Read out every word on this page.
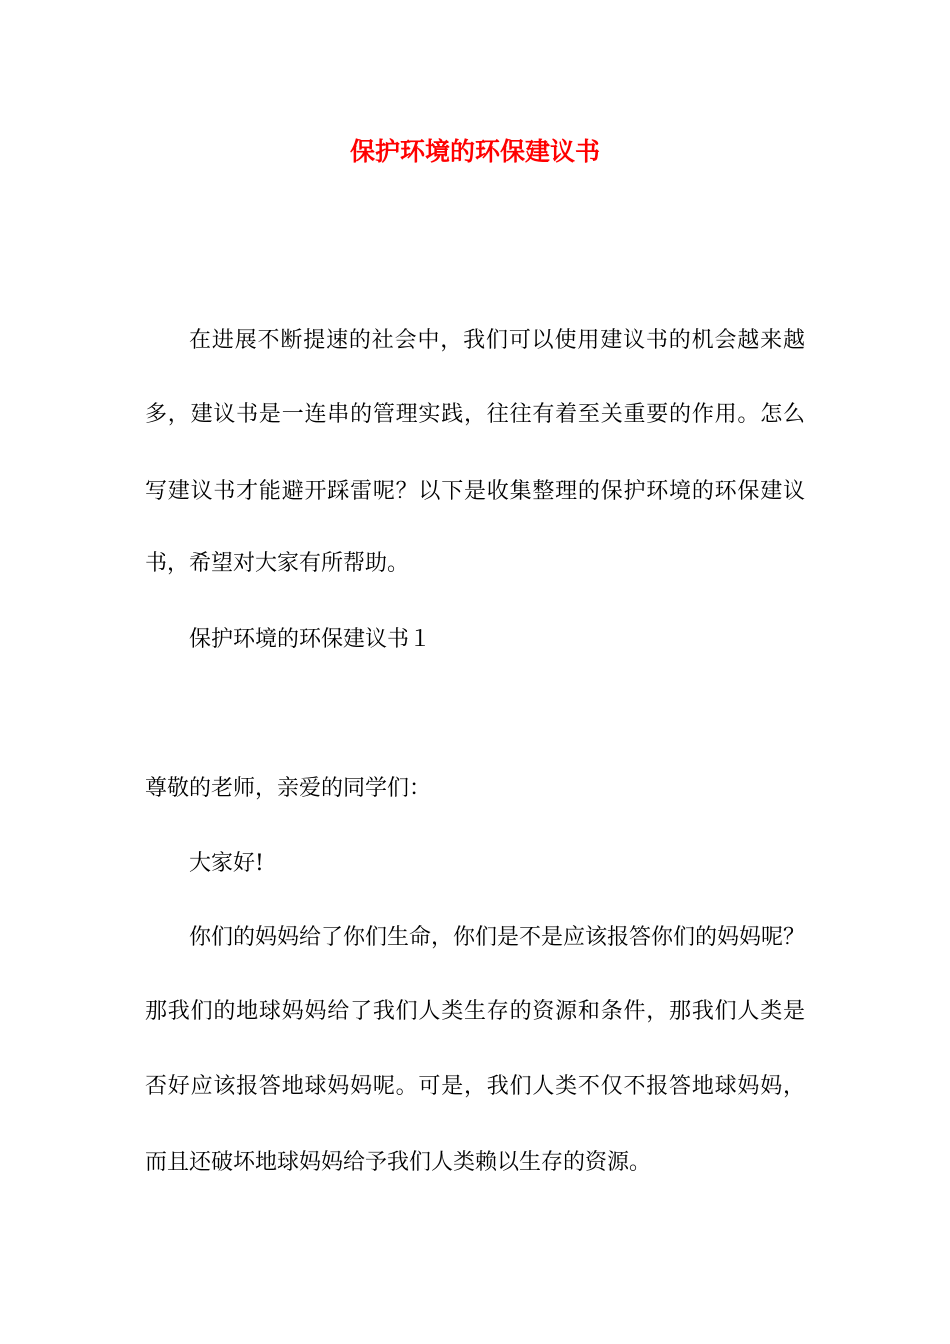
保护环境的环保建议书

在进展不断提速的社会中，我们可以使用建议书的机会越来越

多，建议书是一连串的管理实践，往往有着至关重要的作用。怎么

写建议书才能避开踩雷呢？以下是收集整理的保护环境的环保建议

书，希望对大家有所帮助。

保护环境的环保建议书１

尊敬的老师，亲爱的同学们：

大家好!

你们的妈妈给了你们生命，你们是不是应该报答你们的妈妈呢？

那我们的地球妈妈给了我们人类生存的资源和条件，那我们人类是

否好应该报答地球妈妈呢。可是，我们人类不仅不报答地球妈妈，

而且还破坏地球妈妈给予我们人类赖以生存的资源。
